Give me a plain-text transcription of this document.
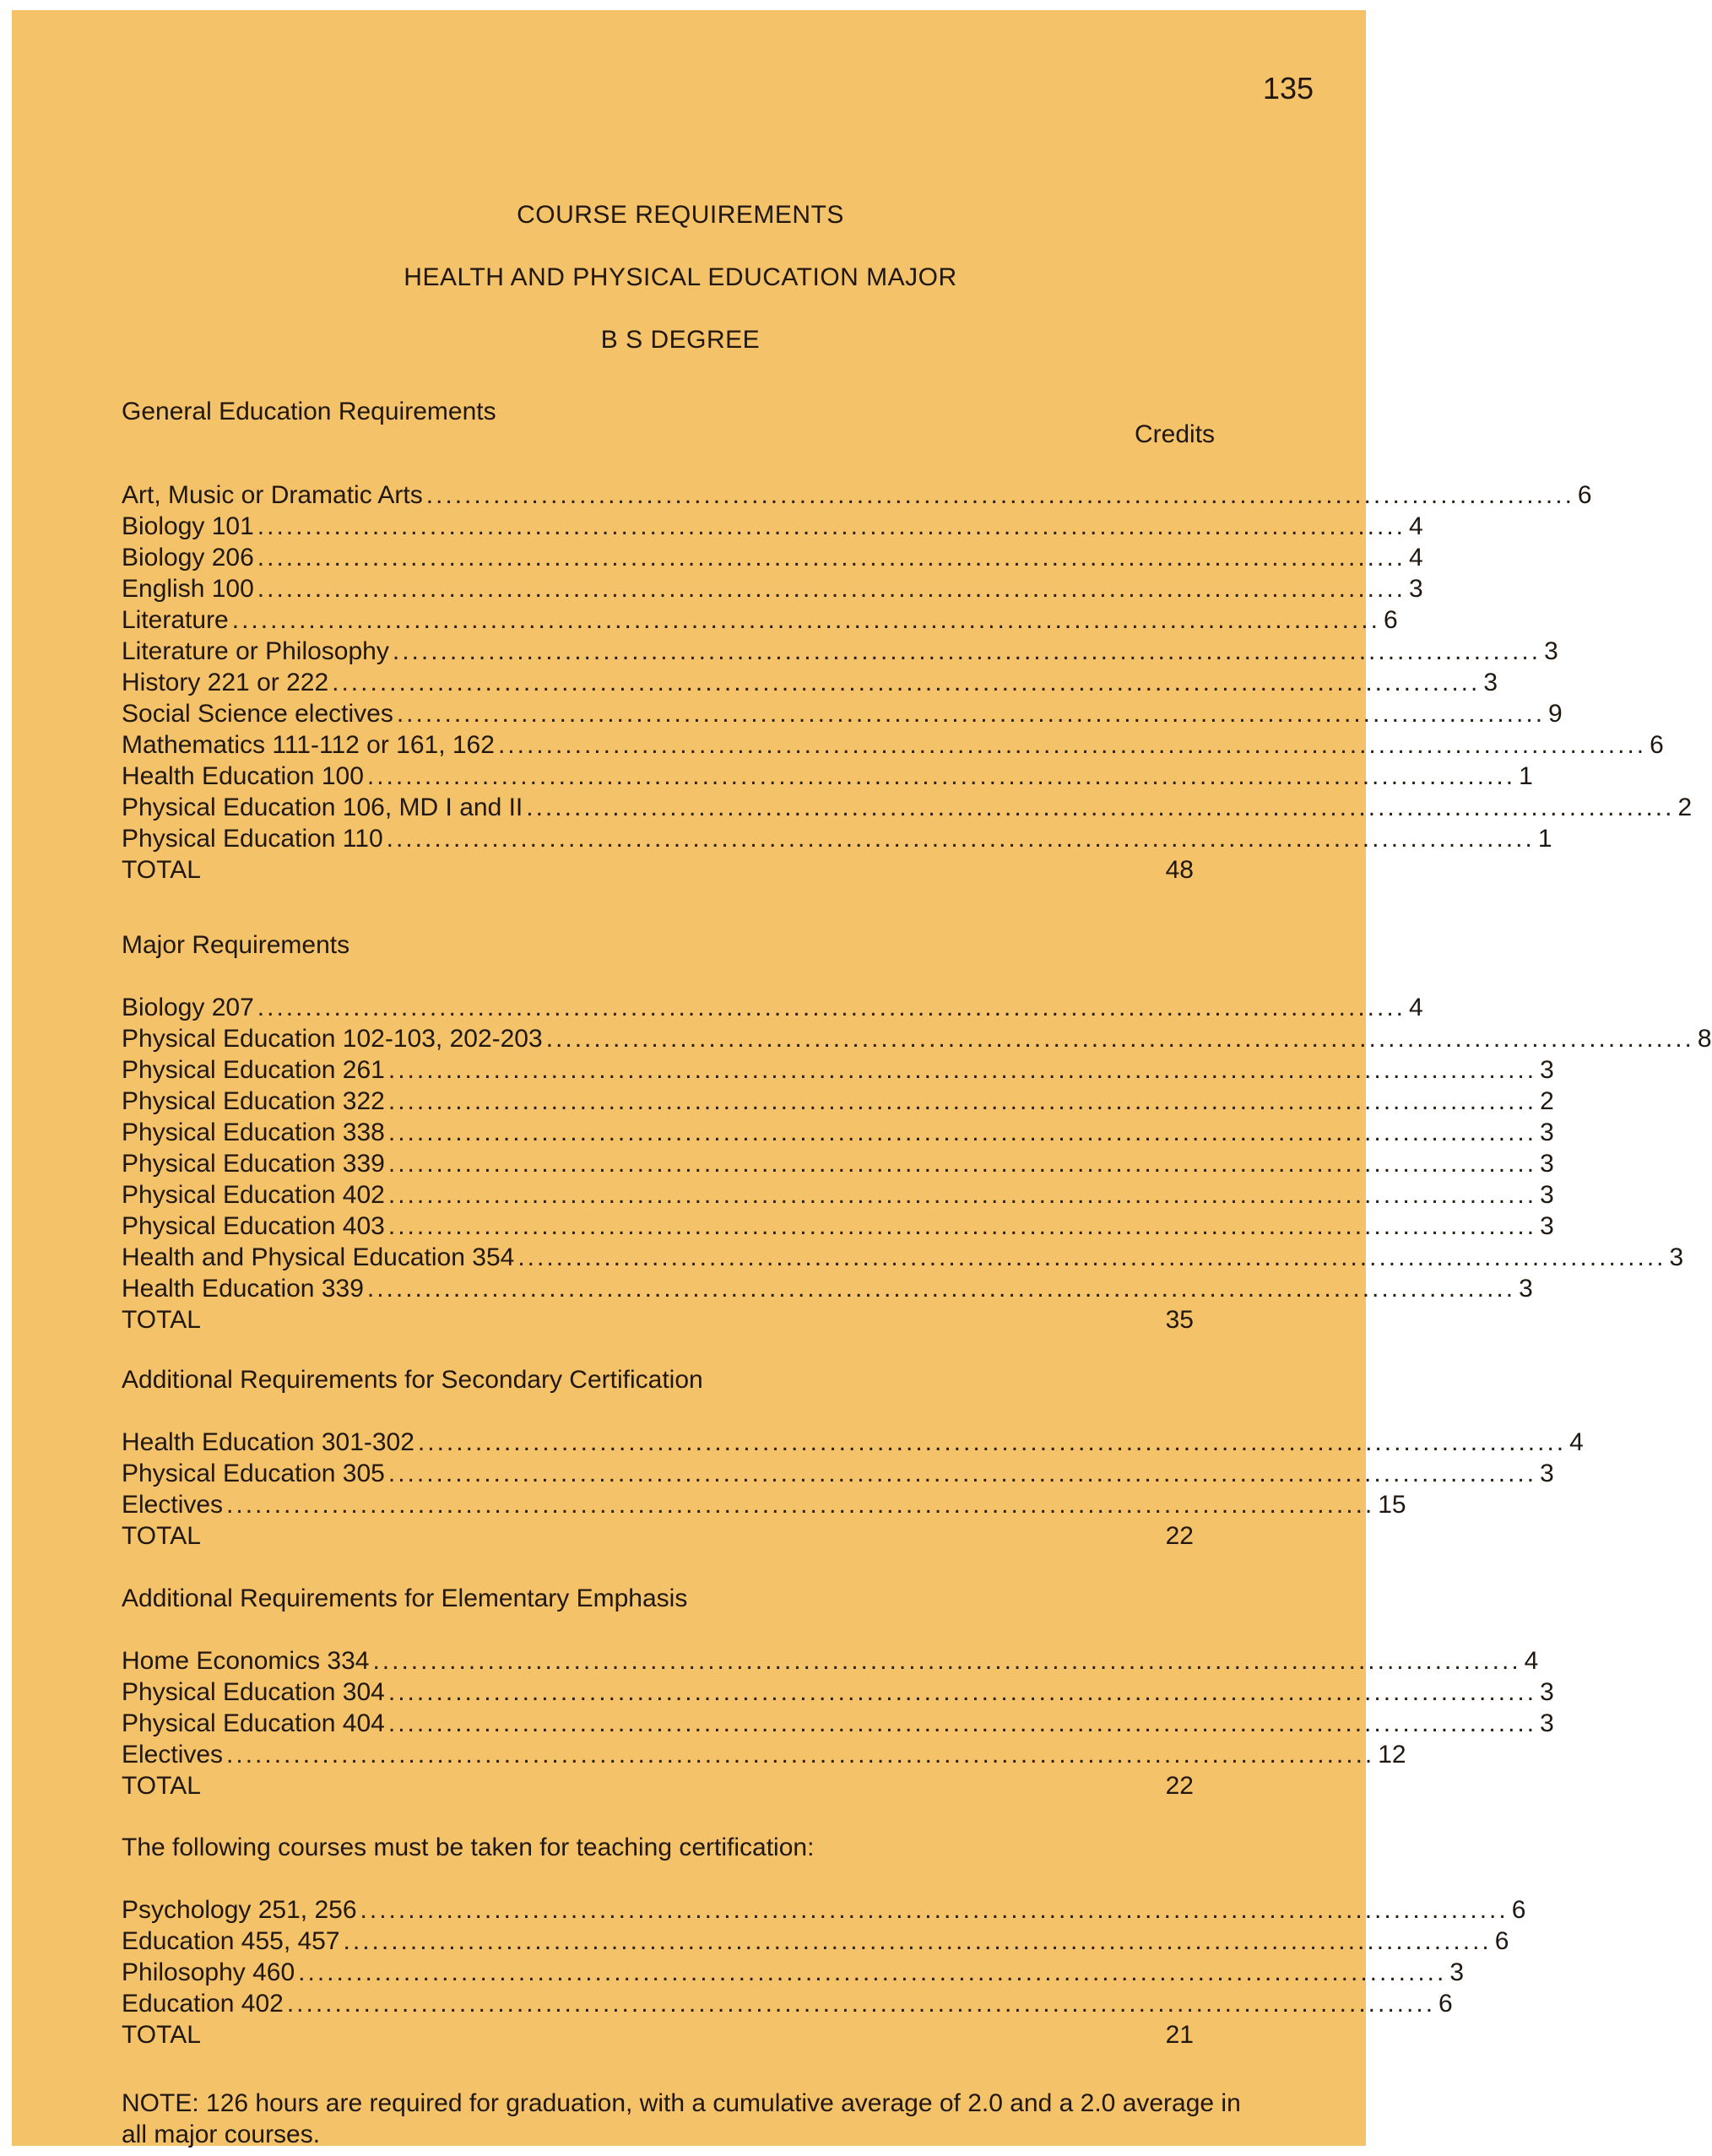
135
COURSE REQUIREMENTS
HEALTH AND PHYSICAL EDUCATION MAJOR
B S DEGREE
Credits
General Education Requirements
Art, Music or Dramatic Arts ........................................................................................................................ 6
Biology 101 ........................................................................................................................ 4
Biology 206 ........................................................................................................................ 4
English 100 ........................................................................................................................ 3
Literature ........................................................................................................................ 6
Literature or Philosophy ........................................................................................................................ 3
History 221 or 222 ........................................................................................................................ 3
Social Science electives ........................................................................................................................ 9
Mathematics 111-112 or 161, 162 ........................................................................................................................ 6
Health Education 100 ........................................................................................................................ 1
Physical Education 106, MD I and II ........................................................................................................................ 2
Physical Education 110 ........................................................................................................................ 1
TOTAL	48
Major Requirements
Biology 207 ........................................................................................................................ 4
Physical Education 102-103, 202-203 ........................................................................................................................ 8
Physical Education 261 ........................................................................................................................ 3
Physical Education 322 ........................................................................................................................ 2
Physical Education 338 ........................................................................................................................ 3
Physical Education 339 ........................................................................................................................ 3
Physical Education 402 ........................................................................................................................ 3
Physical Education 403 ........................................................................................................................ 3
Health and Physical Education 354 ........................................................................................................................ 3
Health Education 339 ........................................................................................................................ 3
TOTAL	35
Additional Requirements for Secondary Certification
Health Education 301-302 ........................................................................................................................ 4
Physical Education 305 ........................................................................................................................ 3
Electives ........................................................................................................................ 15
TOTAL	22
Additional Requirements for Elementary Emphasis
Home Economics 334 ........................................................................................................................ 4
Physical Education 304 ........................................................................................................................ 3
Physical Education 404 ........................................................................................................................ 3
Electives ........................................................................................................................ 12
TOTAL	22
The following courses must be taken for teaching certification:
Psychology 251, 256 ........................................................................................................................ 6
Education 455, 457 ........................................................................................................................ 6
Philosophy 460 ........................................................................................................................ 3
Education 402 ........................................................................................................................ 6
TOTAL	21
NOTE: 126 hours are required for graduation, with a cumulative average of 2.0 and a 2.0 average in all major courses.
